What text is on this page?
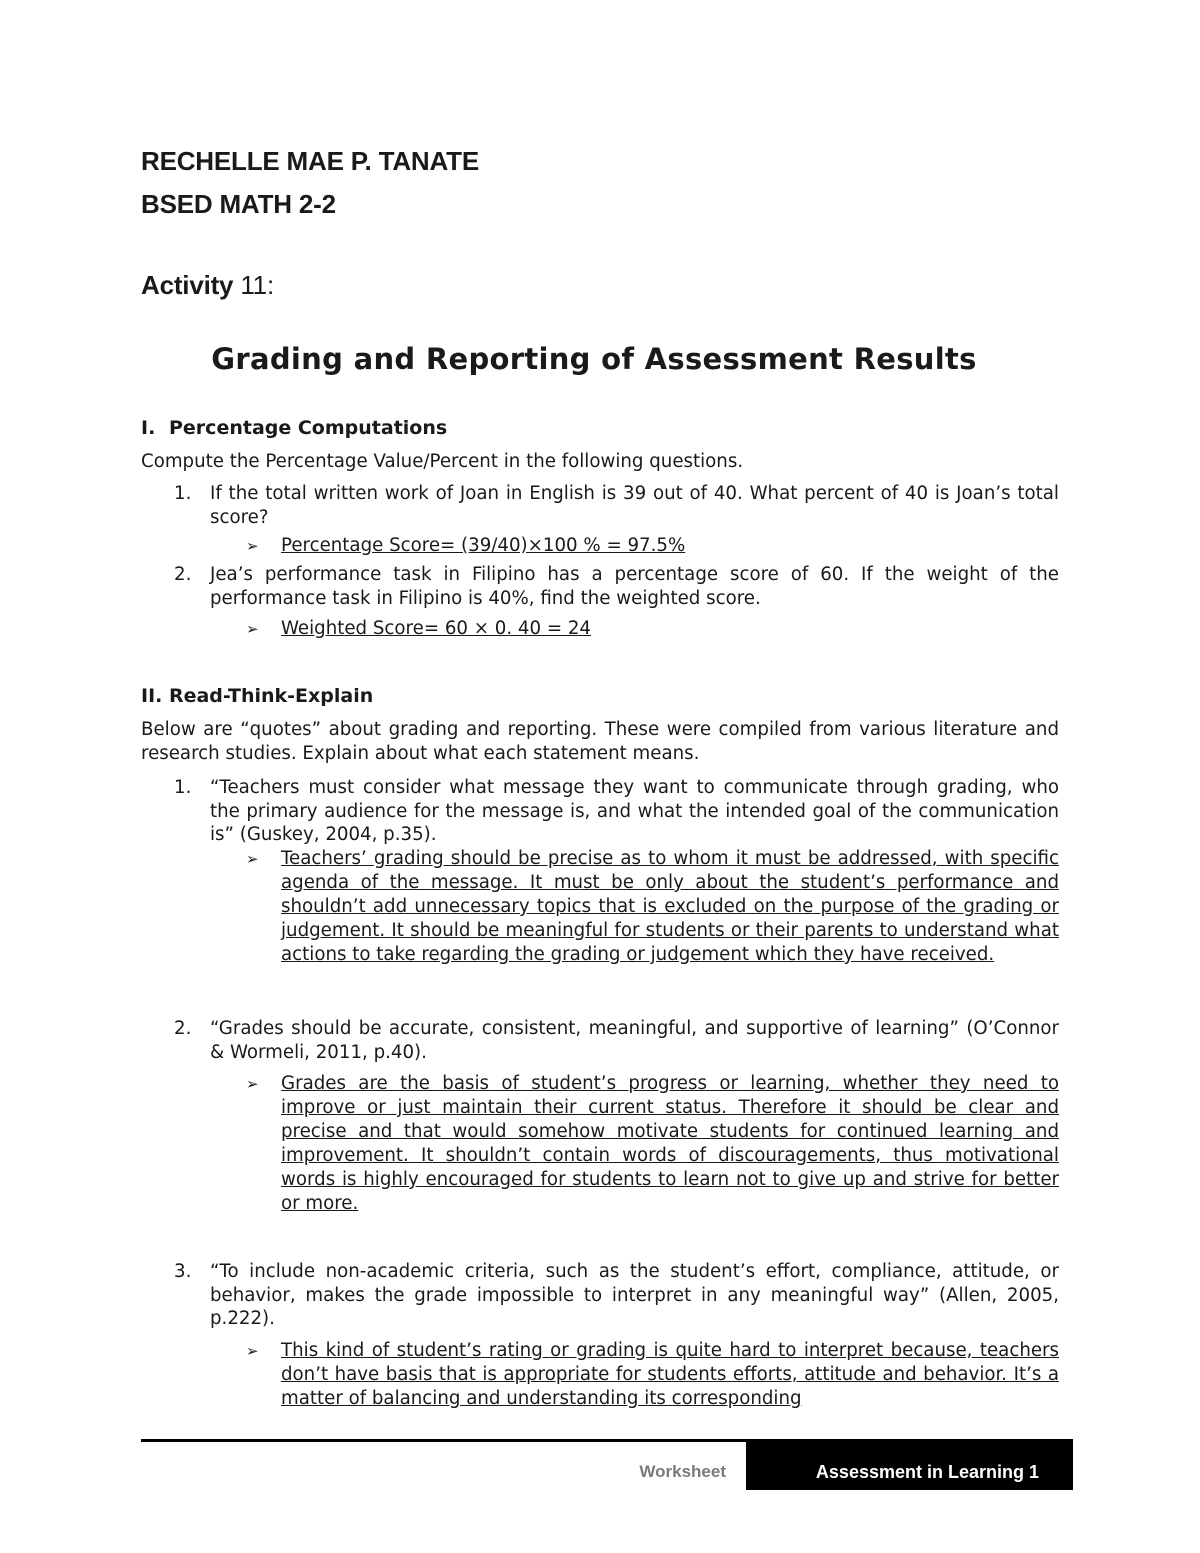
RECHELLE MAE P. TANATE
BSED MATH 2-2
Activity 11:
Grading and Reporting of Assessment Results
I. Percentage Computations
Compute the Percentage Value/Percent in the following questions.
1. If the total written work of Joan in English is 39 out of 40. What percent of 40 is Joan’s total score?
➢ Percentage Score= (39/40)×100 % = 97.5%
2. Jea’s performance task in Filipino has a percentage score of 60. If the weight of the performance task in Filipino is 40%, find the weighted score.
➢ Weighted Score= 60 × 0. 40 = 24
II. Read-Think-Explain
Below are “quotes” about grading and reporting. These were compiled from various literature and research studies. Explain about what each statement means.
1. “Teachers must consider what message they want to communicate through grading, who the primary audience for the message is, and what the intended goal of the communication is” (Guskey, 2004, p.35).
➢ Teachers’ grading should be precise as to whom it must be addressed, with specific agenda of the message. It must be only about the student’s performance and shouldn’t add unnecessary topics that is excluded on the purpose of the grading or judgement. It should be meaningful for students or their parents to understand what actions to take regarding the grading or judgement which they have received.
2. “Grades should be accurate, consistent, meaningful, and supportive of learning” (O’Connor & Wormeli, 2011, p.40).
➢ Grades are the basis of student’s progress or learning, whether they need to improve or just maintain their current status. Therefore it should be clear and precise and that would somehow motivate students for continued learning and improvement. It shouldn’t contain words of discouragements, thus motivational words is highly encouraged for students to learn not to give up and strive for better or more.
3. “To include non-academic criteria, such as the student’s effort, compliance, attitude, or behavior, makes the grade impossible to interpret in any meaningful way” (Allen, 2005, p.222).
➢ This kind of student’s rating or grading is quite hard to interpret because, teachers don’t have basis that is appropriate for students efforts, attitude and behavior. It’s a matter of balancing and understanding its corresponding
Worksheet	Assessment in Learning 1
